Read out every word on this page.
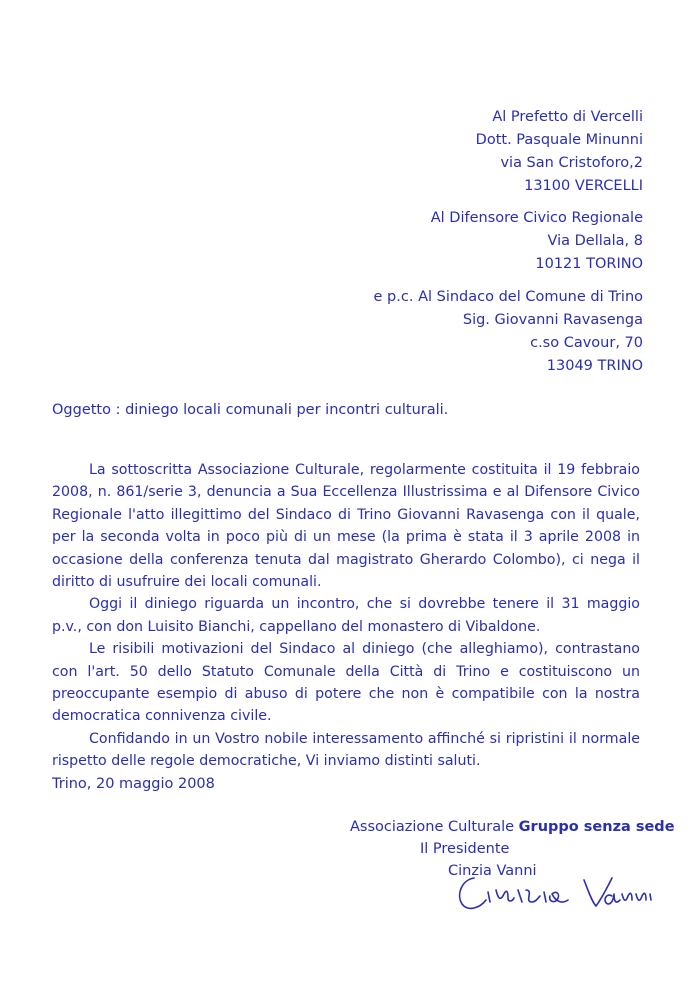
Al Prefetto di Vercelli
Dott. Pasquale Minunni
via San Cristoforo,2
13100 VERCELLI
Al Difensore Civico Regionale
Via Dellala, 8
10121 TORINO
e p.c. Al Sindaco del Comune di Trino
Sig. Giovanni Ravasenga
c.so Cavour, 70
13049 TRINO
Oggetto : diniego locali comunali per incontri culturali.

La sottoscritta Associazione Culturale, regolarmente costituita il 19 febbraio 2008, n. 861/serie 3, denuncia a Sua Eccellenza Illustrissima e al Difensore Civico Regionale l'atto illegittimo del Sindaco di Trino Giovanni Ravasenga con il quale, per la seconda volta in poco più di un mese (la prima è stata il 3 aprile 2008 in occasione della conferenza tenuta dal magistrato Gherardo Colombo), ci nega il diritto di usufruire dei locali comunali.

Oggi il diniego riguarda un incontro, che si dovrebbe tenere il 31 maggio p.v., con don Luisito Bianchi, cappellano del monastero di Vibaldone.

Le risibili motivazioni del Sindaco al diniego (che alleghiamo), contrastano con l'art. 50 dello Statuto Comunale della Città di Trino e costituiscono un preoccupante esempio di abuso di potere che non è compatibile con la nostra democratica connivenza civile.

Confidando in un Vostro nobile interessamento affinché si ripristini il normale rispetto delle regole democratiche, Vi inviamo distinti saluti.

Trino, 20 maggio 2008
Associazione Culturale Gruppo senza sede
Il Presidente
Cinzia Vanni
